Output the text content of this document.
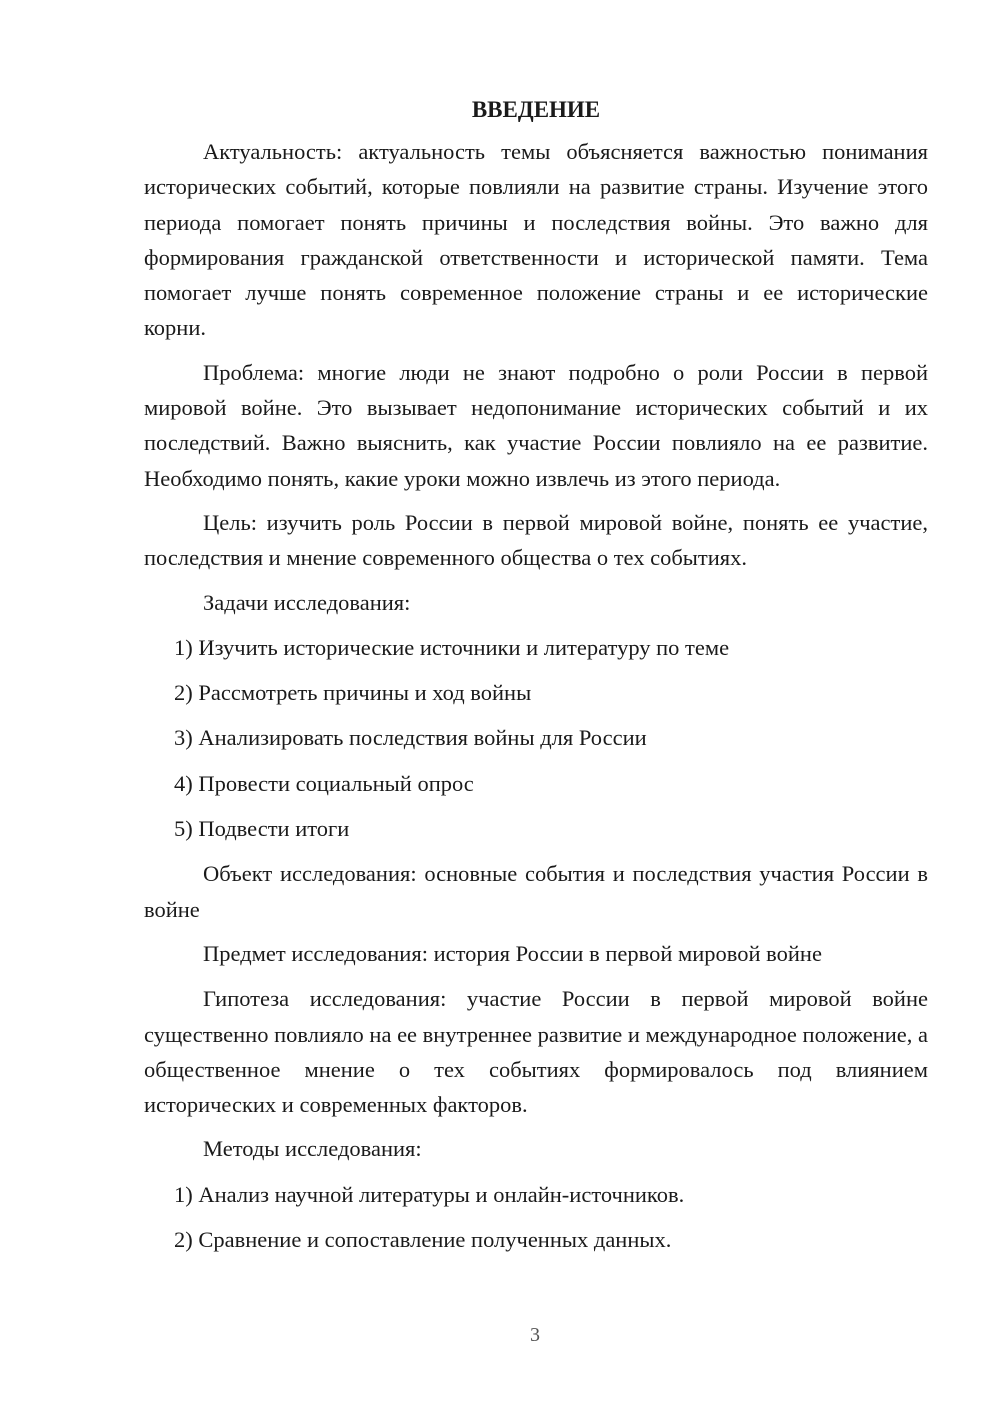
ВВЕДЕНИЕ

Актуальность: актуальность темы объясняется важностью понимания исторических событий, которые повлияли на развитие страны. Изучение этого периода помогает понять причины и последствия войны. Это важно для формирования гражданской ответственности и исторической памяти. Тема помогает лучше понять современное положение страны и ее исторические корни.

Проблема: многие люди не знают подробно о роли России в первой мировой войне. Это вызывает недопонимание исторических событий и их последствий. Важно выяснить, как участие России повлияло на ее развитие. Необходимо понять, какие уроки можно извлечь из этого периода.

Цель: изучить роль России в первой мировой войне, понять ее участие, последствия и мнение современного общества о тех событиях.

Задачи исследования:

1) Изучить исторические источники и литературу по теме

2) Рассмотреть причины и ход войны

3) Анализировать последствия войны для России

4) Провести социальный опрос

5) Подвести итоги

Объект исследования: основные события и последствия участия России в войне

Предмет исследования: история России в первой мировой войне

Гипотеза исследования: участие России в первой мировой войне существенно повлияло на ее внутреннее развитие и международное положение, а общественное мнение о тех событиях формировалось под влиянием исторических и современных факторов.

Методы исследования:

1) Анализ научной литературы и онлайн-источников.

2) Сравнение и сопоставление полученных данных.

3
